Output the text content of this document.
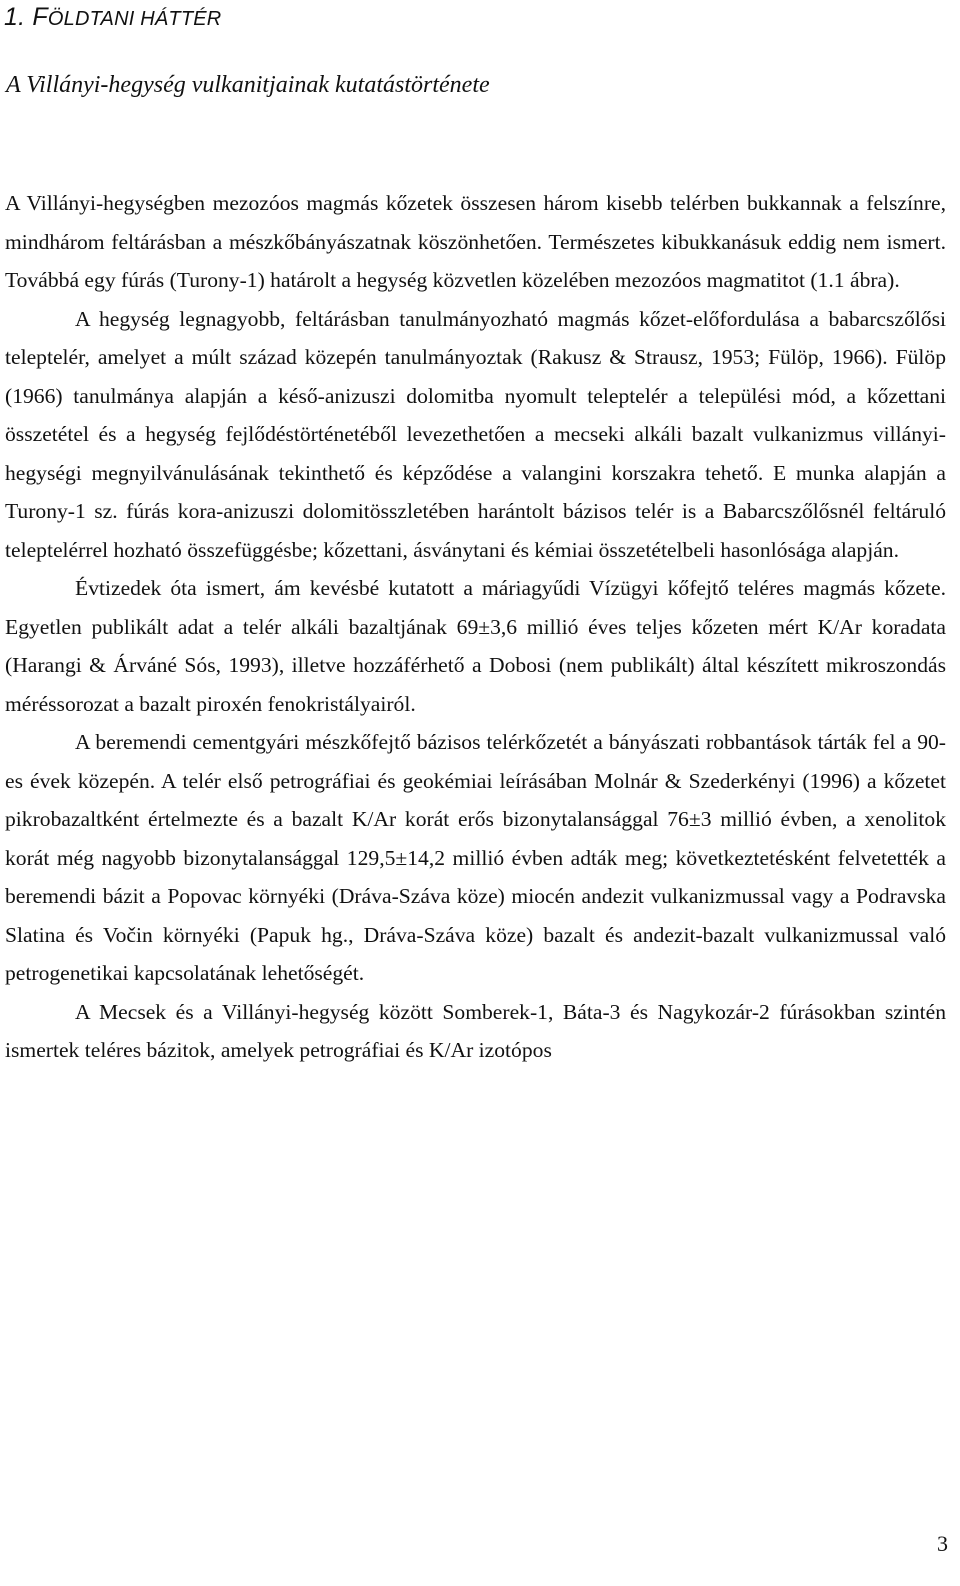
1. FÖLDTANI HÁTTÉR
A Villányi-hegység vulkanitjainak kutatástörténete

A Villányi-hegységben mezozóos magmás kőzetek összesen három kisebb telérben bukkannak a felszínre, mindhárom feltárásban a mészkőbányászatnak köszönhetően. Természetes kibukkanásuk eddig nem ismert. Továbbá egy fúrás (Turony-1) határolt a hegység közvetlen közelében mezozóos magmatitot (1.1 ábra).

A hegység legnagyobb, feltárásban tanulmányozható magmás kőzet-előfordulása a babarcszőlősi teleptelér, amelyet a múlt század közepén tanulmányoztak (Rakusz & Strausz, 1953; Fülöp, 1966). Fülöp (1966) tanulmánya alapján a késő-anizuszi dolomitba nyomult teleptelér a települési mód, a kőzettani összetétel és a hegység fejlődéstörténetéből levezethetően a mecseki alkáli bazalt vulkanizmus villányi-hegységi megnyilvánulásának tekinthető és képződése a valangini korszakra tehető. E munka alapján a Turony-1 sz. fúrás kora-anizuszi dolomitösszletében harántolt bázisos telér is a Babarcszőlősnél feltáruló teleptelérrel hozható összefüggésbe; kőzettani, ásványtani és kémiai összetételbeli hasonlósága alapján.

Évtizedek óta ismert, ám kevésbé kutatott a máriagyűdi Vízügyi kőfejtő teléres magmás kőzete. Egyetlen publikált adat a telér alkáli bazaltjának 69±3,6 millió éves teljes kőzeten mért K/Ar koradata (Harangi & Árváné Sós, 1993), illetve hozzáférhető a Dobosi (nem publikált) által készített mikroszondás méréssorozat a bazalt piroxén fenokristályairól.

A beremendi cementgyári mészkőfejtő bázisos telérkőzetét a bányászati robbantások tárták fel a 90-es évek közepén. A telér első petrográfiai és geokémiai leírásában Molnár & Szederkényi (1996) a kőzetet pikrobazaltként értelmezte és a bazalt K/Ar korát erős bizonytalansággal 76±3 millió évben, a xenolitok korát még nagyobb bizonytalansággal 129,5±14,2 millió évben adták meg; következtetésként felvetették a beremendi bázit a Popovac környéki (Dráva-Száva köze) miocén andezit vulkanizmussal vagy a Podravska Slatina és Vočin környéki (Papuk hg., Dráva-Száva köze) bazalt és andezit-bazalt vulkanizmussal való petrogenetikai kapcsolatának lehetőségét.

A Mecsek és a Villányi-hegység között Somberek-1, Báta-3 és Nagykozár-2 fúrásokban szintén ismertek teléres bázitok, amelyek petrográfiai és K/Ar izotópos

3
